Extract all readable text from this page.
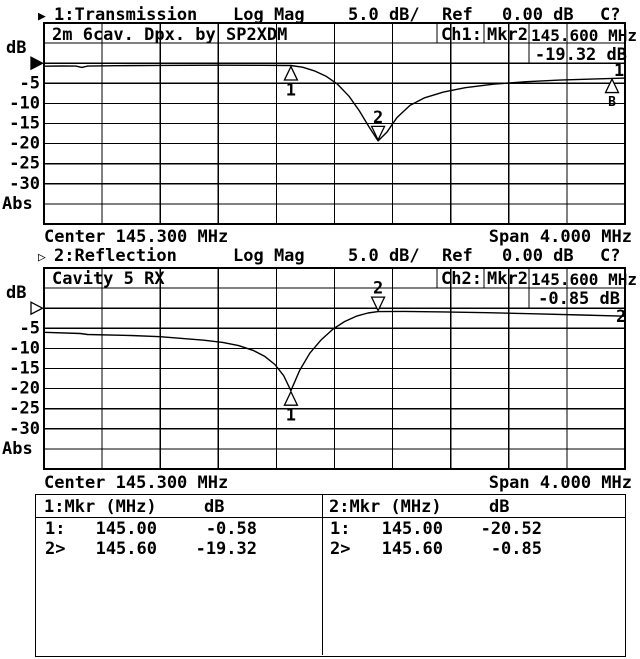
dB
-5
-10
-15
-20
-25
-30
Abs
1
2
1
B
dB
-5
-10
-15
-20
-25
-30
Abs
1
2
2
▶ 1:Transmission Log Mag	5.0 dB/ Ref 0.00 dB C?
2m 6cav. Dpx. by SP2XDM	Ch1: Mkr2 145.600 MHz
-19.32 dB
Center 145.300 MHz	Span 4.000 MHz
▷ 2:Reflection	Log Mag	5.0 dB/ Ref 0.00 dB C?
Cavity 5 RX	Ch2: Mkr2 145.600 MHz
-0.85 dB
Center 145.300 MHz	Span 4.000 MHz
1:Mkr (MHz)	dB	2:Mkr (MHz)	dB
1:	145.00	-0.58
2>	145.60	-19.32
1:	145.00	-20.52
2>	145.60	-0.85
